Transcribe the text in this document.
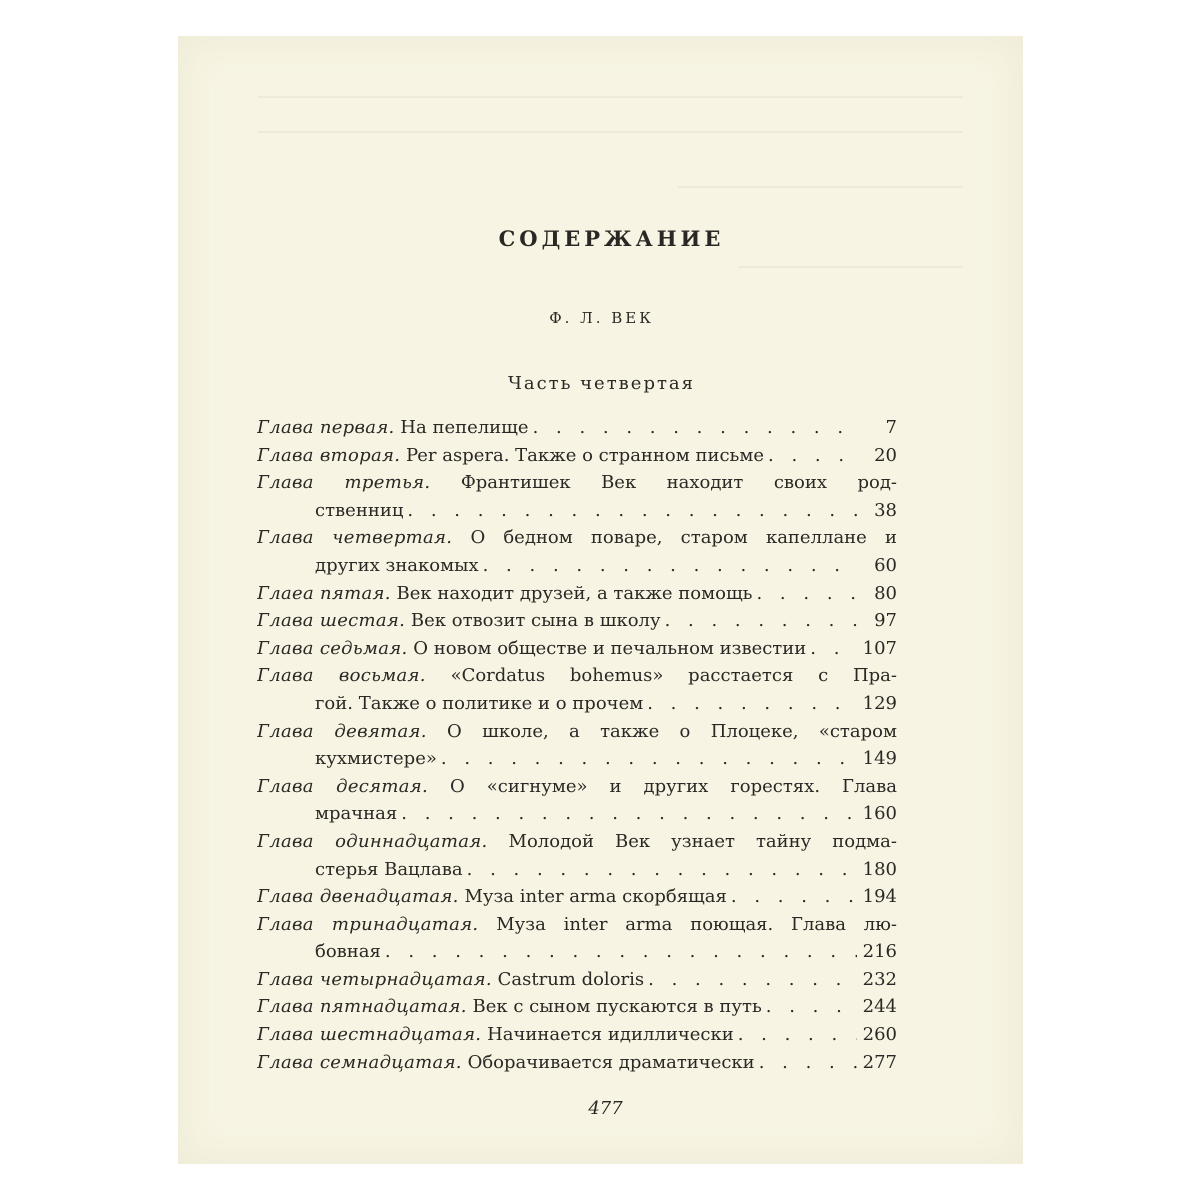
СОДЕРЖАНИЕ
Ф. Л. ВЕК
Часть четвертая
Глава первая. На пепелище . . .	7
Глава вторая. Per aspera. Также о странном письме . . .	20
Глава третья. Франтишек Век находит своих род-
ственниц . . .	38
Глава четвертая. О бедном поваре, старом капеллане и
других знакомых . . .	60
Глаеа пятая. Век находит друзей, а также помощь . . .	80
Глава шестая. Век отвозит сына в школу . . .	97
Глава седьмая. О новом обществе и печальном известии . . .	107
Глава восьмая. «Cordatus bohemus» расстается с Пра-
гой. Также о политике и о прочем . . .	129
Глава девятая. О школе, а также о Плоцеке, «старом
кухмистере» . . .	149
Глава десятая. О «сигнуме» и других горестях. Глава
мрачная . . .	160
Глава одиннадцатая. Молодой Век узнает тайну подма-
стерья Вацлава . . .	180
Глава двенадцатая. Муза inter arma скорбящая . . .	194
Глава тринадцатая. Муза inter arma поющая. Глава лю-
бовная . . .	216
Глава четырнадцатая. Castrum doloris . . .	232
Глава пятнадцатая. Век с сыном пускаются в путь . . .	244
Глава шестнадцатая. Начинается идиллически . . .	260
Глава семнадцатая. Оборачивается драматически . . .	277
477
